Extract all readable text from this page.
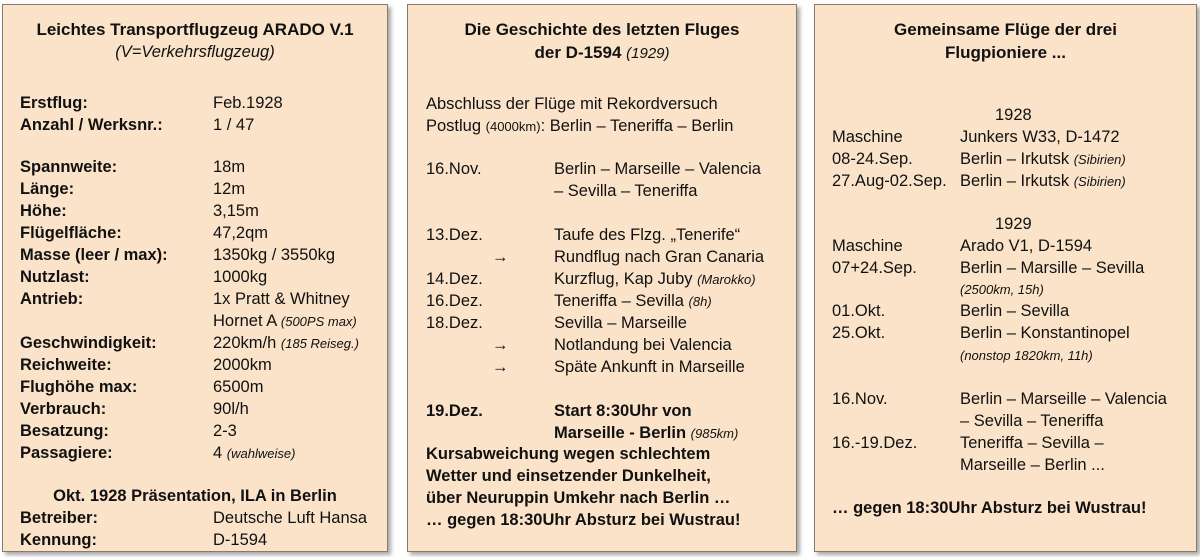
Leichtes Transportflugzeug ARADO V.1
(V=Verkehrsflugzeug)
Erstflug:	Feb.1928
Anzahl / Werksnr.:	1 / 47
Spannweite:	18m
Länge:	12m
Höhe:	3,15m
Flügelfläche:	47,2qm
Masse (leer / max):	1350kg / 3550kg
Nutzlast:	1000kg
Antrieb:	1x Pratt & Whitney
Hornet A (500PS max)
Geschwindigkeit:	220km/h (185 Reiseg.)
Reichweite:	2000km
Flughöhe max:	6500m
Verbrauch:	90l/h
Besatzung:	2-3
Passagiere:	4 (wahlweise)
Okt. 1928 Präsentation, ILA in Berlin
Betreiber:	Deutsche Luft Hansa
Kennung:	D-1594
Die Geschichte des letzten Fluges
der D-1594 (1929)
Abschluss der Flüge mit Rekordversuch
Postlug (4000km): Berlin – Teneriffa – Berlin
16.Nov.	Berlin – Marseille – Valencia
– Sevilla – Teneriffa
13.Dez.	Taufe des Flzg. „Tenerife“
→	Rundflug nach Gran Canaria
14.Dez.	Kurzflug, Kap Juby (Marokko)
16.Dez.	Teneriffa – Sevilla (8h)
18.Dez.	Sevilla – Marseille
→	Notlandung bei Valencia
→	Späte Ankunft in Marseille
19.Dez.	Start 8:30Uhr von
Marseille - Berlin (985km)
Kursabweichung wegen schlechtem
Wetter und einsetzender Dunkelheit,
über Neuruppin Umkehr nach Berlin …
… gegen 18:30Uhr Absturz bei Wustrau!
Gemeinsame Flüge der drei
Flugpioniere ...
1928
Maschine	Junkers W33, D-1472
08-24.Sep.	Berlin – Irkutsk (Sibirien)
27.Aug-02.Sep. Berlin – Irkutsk (Sibirien)
1929
Maschine	Arado V1, D-1594
07+24.Sep.	Berlin – Marsille – Sevilla
(2500km, 15h)
01.Okt.	Berlin – Sevilla
25.Okt.	Berlin – Konstantinopel
(nonstop 1820km, 11h)
16.Nov.	Berlin – Marseille – Valencia
– Sevilla – Teneriffa
16.-19.Dez.	Teneriffa – Sevilla –
Marseille – Berlin ...
… gegen 18:30Uhr Absturz bei Wustrau!
